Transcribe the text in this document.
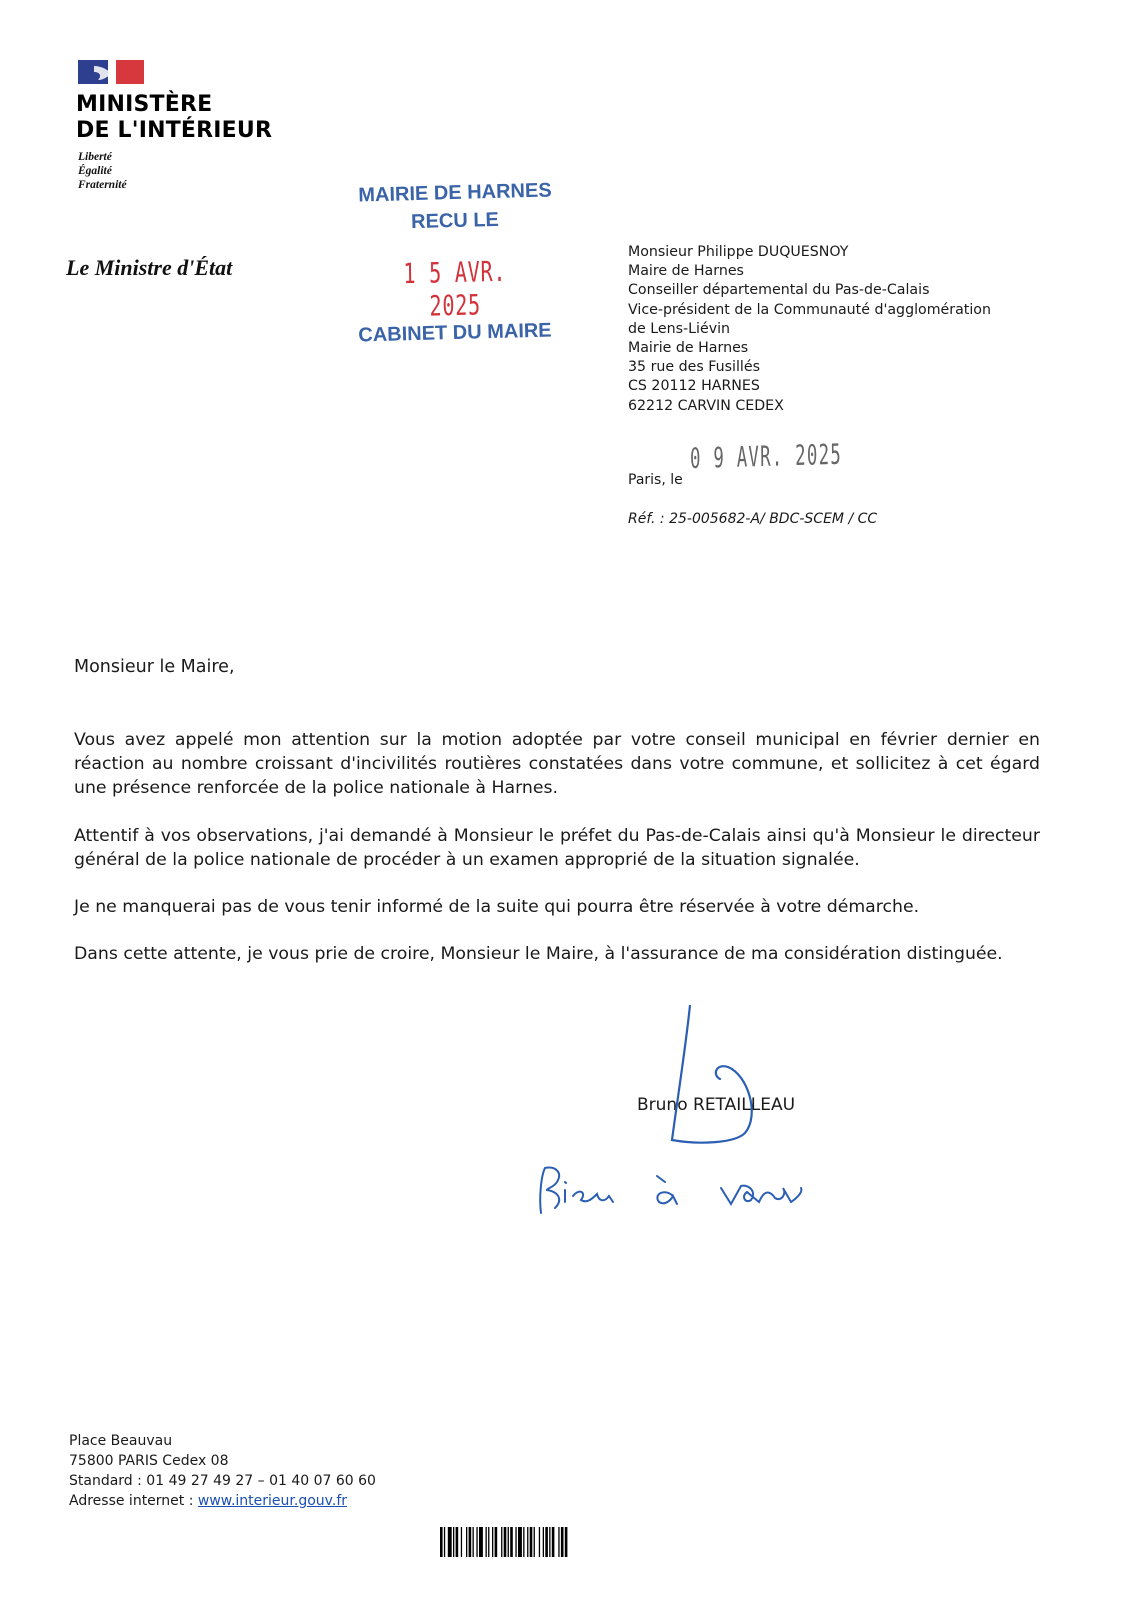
MINISTÈRE
DE L'INTÉRIEUR
Liberté
Égalité
Fraternité
Le Ministre d'État
MAIRIE DE HARNES
RECU LE
1 5 AVR. 2025
CABINET DU MAIRE
Monsieur Philippe DUQUESNOY
Maire de Harnes
Conseiller départemental du Pas-de-Calais
Vice-président de la Communauté d'agglomération
de Lens-Liévin
Mairie de Harnes
35 rue des Fusillés
CS 20112 HARNES
62212 CARVIN CEDEX
Paris, le
0 9 AVR. 2025
Réf. : 25-005682-A/ BDC-SCEM / CC
Monsieur le Maire,
Vous avez appelé mon attention sur la motion adoptée par votre conseil municipal en février dernier en réaction au nombre croissant d'incivilités routières constatées dans votre commune, et sollicitez à cet égard une présence renforcée de la police nationale à Harnes.
Attentif à vos observations, j'ai demandé à Monsieur le préfet du Pas-de-Calais ainsi qu'à Monsieur le directeur général de la police nationale de procéder à un examen approprié de la situation signalée.
Je ne manquerai pas de vous tenir informé de la suite qui pourra être réservée à votre démarche.
Dans cette attente, je vous prie de croire, Monsieur le Maire, à l'assurance de ma considération distinguée.
Bruno RETAILLEAU
Place Beauvau
75800 PARIS Cedex 08
Standard : 01 49 27 49 27 – 01 40 07 60 60
Adresse internet : www.interieur.gouv.fr
